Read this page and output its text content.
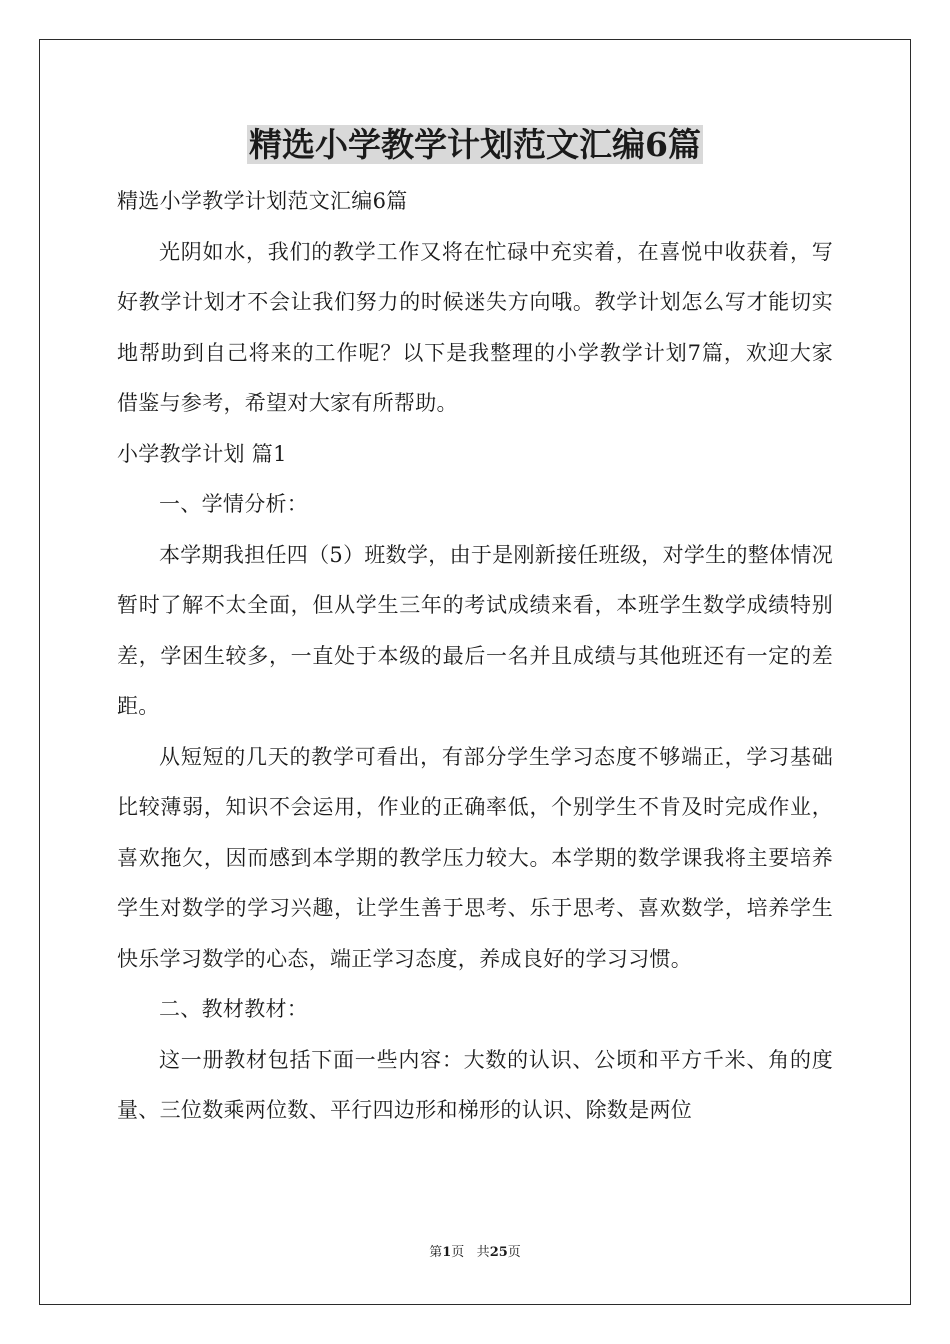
精选小学教学计划范文汇编6篇

精选小学教学计划范文汇编6篇

光阴如水，我们的教学工作又将在忙碌中充实着，在喜悦中收获着，写好教学计划才不会让我们努力的时候迷失方向哦。教学计划怎么写才能切实地帮助到自己将来的工作呢？以下是我整理的小学教学计划7篇，欢迎大家借鉴与参考，希望对大家有所帮助。

小学教学计划 篇1

一、学情分析：

本学期我担任四（5）班数学，由于是刚新接任班级，对学生的整体情况暂时了解不太全面，但从学生三年的考试成绩来看，本班学生数学成绩特别差，学困生较多，一直处于本级的最后一名并且成绩与其他班还有一定的差距。

从短短的几天的教学可看出，有部分学生学习态度不够端正，学习基础比较薄弱，知识不会运用，作业的正确率低，个别学生不肯及时完成作业，喜欢拖欠，因而感到本学期的教学压力较大。本学期的数学课我将主要培养学生对数学的学习兴趣，让学生善于思考、乐于思考、喜欢数学，培养学生快乐学习数学的心态，端正学习态度，养成良好的学习习惯。

二、教材教材：

这一册教材包括下面一些内容：大数的认识、公顷和平方千米、角的度量、三位数乘两位数、平行四边形和梯形的认识、除数是两位

第1页 共25页
